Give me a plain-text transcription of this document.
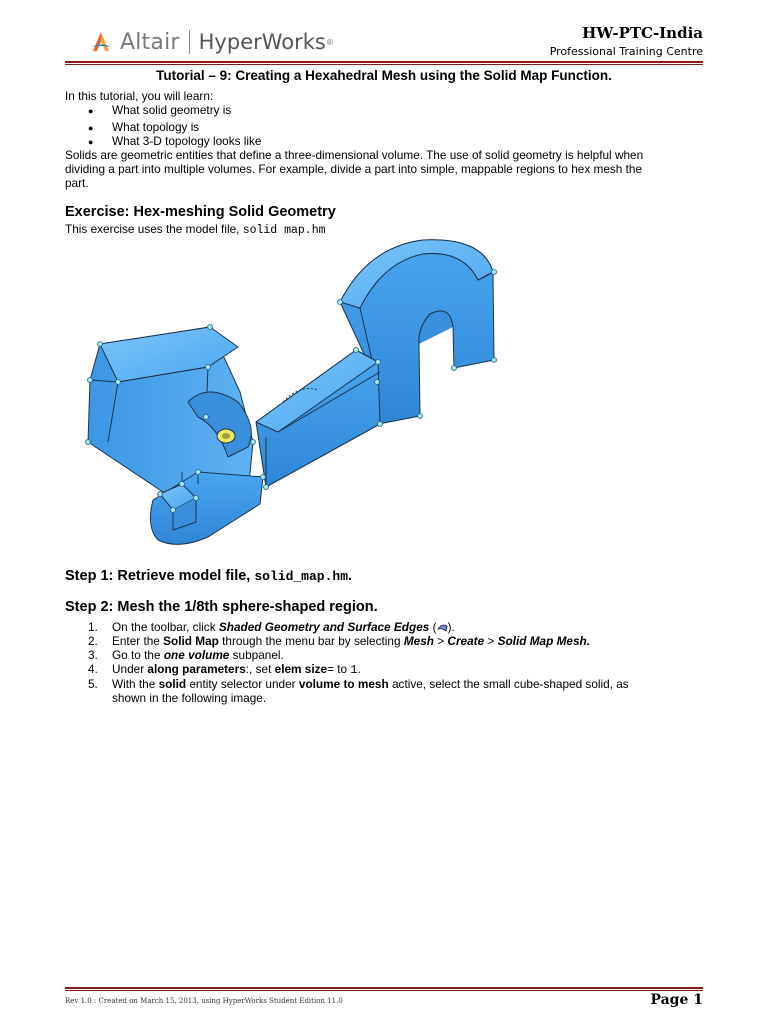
Altair HyperWorks ®	HW-PTC-India
Professional Training Centre
Tutorial – 9: Creating a Hexahedral Mesh using the Solid Map Function.
In this tutorial, you will learn:
● What solid geometry is
● What topology is
● What 3-D topology looks like
Solids are geometric entities that define a three-dimensional volume. The use of solid geometry is helpful when
dividing a part into multiple volumes. For example, divide a part into simple, mappable regions to hex mesh the
part.
Exercise: Hex-meshing Solid Geometry
This exercise uses the model file, solid map.hm
Step 1: Retrieve model file, solid_map.hm.
Step 2: Mesh the 1/8th sphere-shaped region.
1. On the toolbar, click Shaded Geometry and Surface Edges ( ).
2. Enter the Solid Map through the menu bar by selecting Mesh > Create > Solid Map Mesh.
3. Go to the one volume subpanel.
4. Under along parameters:, set elem size= to 1.
5. With the solid entity selector under volume to mesh active, select the small cube-shaped solid, as
shown in the following image.
Rev 1.0 : Created on March 15, 2013, using HyperWorks Student Edition 11.0	Page 1
